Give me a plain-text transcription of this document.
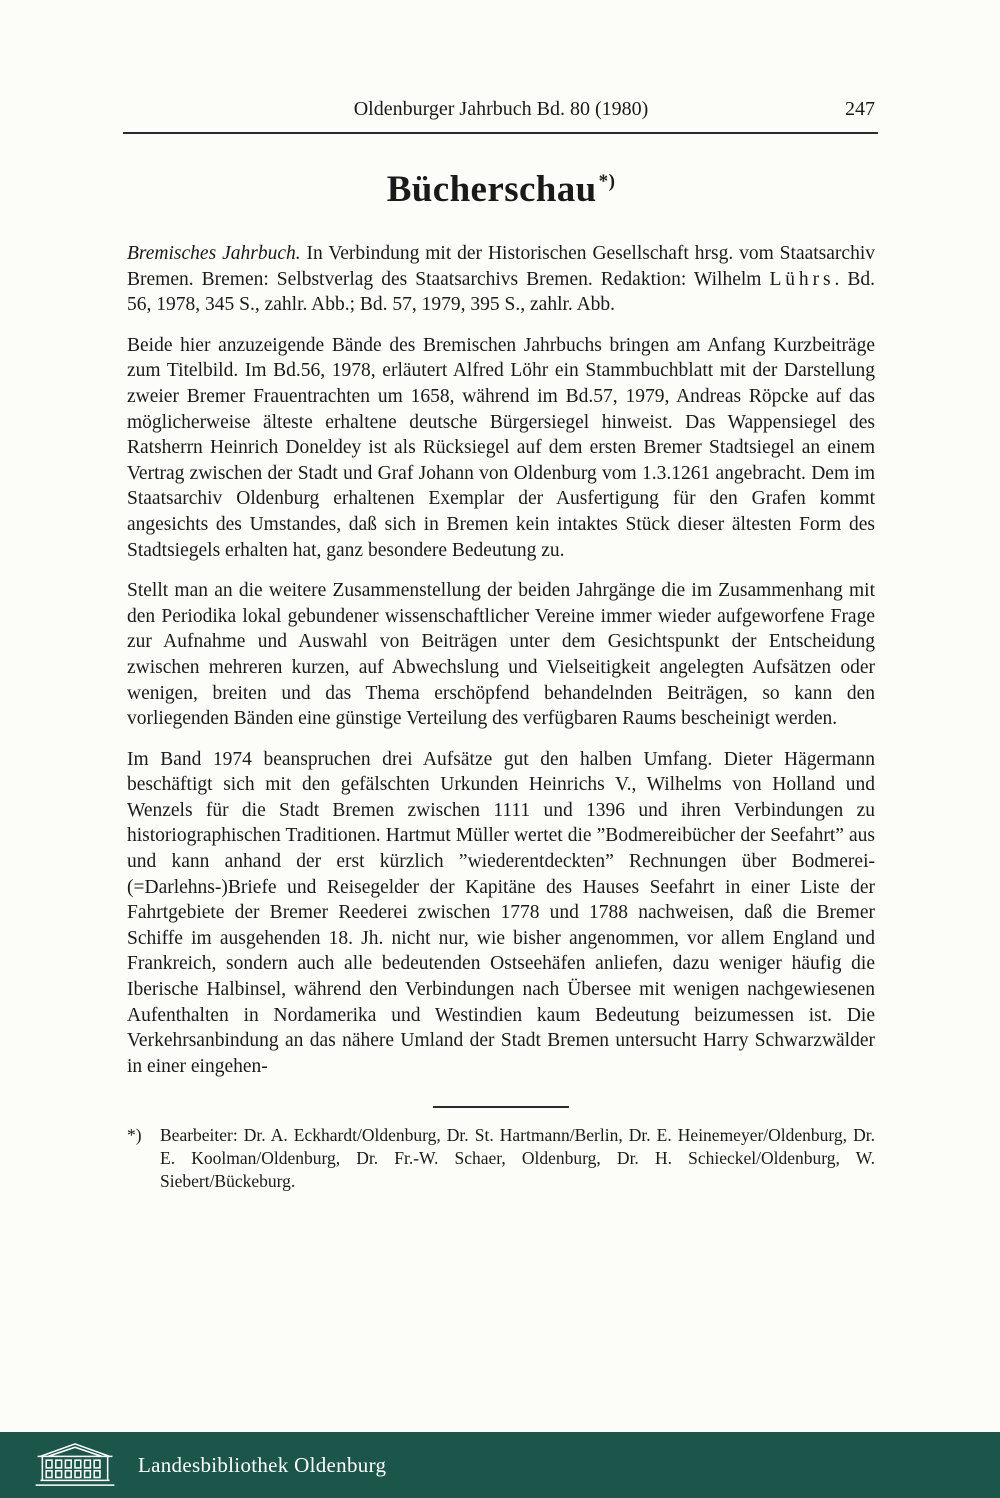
Oldenburger Jahrbuch Bd. 80 (1980)	247
Bücherschau *)

Bremisches Jahrbuch. In Verbindung mit der Historischen Gesellschaft hrsg. vom Staatsarchiv Bremen. Bremen: Selbstverlag des Staatsarchivs Bremen. Redaktion: Wilhelm Lührs. Bd. 56, 1978, 345 S., zahlr. Abb.; Bd. 57, 1979, 395 S., zahlr. Abb.

Beide hier anzuzeigende Bände des Bremischen Jahrbuchs bringen am Anfang Kurzbeiträge zum Titelbild. Im Bd.56, 1978, erläutert Alfred Löhr ein Stammbuchblatt mit der Darstellung zweier Bremer Frauentrachten um 1658, während im Bd.57, 1979, Andreas Röpcke auf das möglicherweise älteste erhaltene deutsche Bürgersiegel hinweist. Das Wappensiegel des Ratsherrn Heinrich Doneldey ist als Rücksiegel auf dem ersten Bremer Stadtsiegel an einem Vertrag zwischen der Stadt und Graf Johann von Oldenburg vom 1.3.1261 angebracht. Dem im Staatsarchiv Oldenburg erhaltenen Exemplar der Ausfertigung für den Grafen kommt angesichts des Umstandes, daß sich in Bremen kein intaktes Stück dieser ältesten Form des Stadtsiegels erhalten hat, ganz besondere Bedeutung zu.

Stellt man an die weitere Zusammenstellung der beiden Jahrgänge die im Zusammenhang mit den Periodika lokal gebundener wissenschaftlicher Vereine immer wieder aufgeworfene Frage zur Aufnahme und Auswahl von Beiträgen unter dem Gesichtspunkt der Entscheidung zwischen mehreren kurzen, auf Abwechslung und Vielseitigkeit angelegten Aufsätzen oder wenigen, breiten und das Thema erschöpfend behandelnden Beiträgen, so kann den vorliegenden Bänden eine günstige Verteilung des verfügbaren Raums bescheinigt werden.

Im Band 1974 beanspruchen drei Aufsätze gut den halben Umfang. Dieter Hägermann beschäftigt sich mit den gefälschten Urkunden Heinrichs V., Wilhelms von Holland und Wenzels für die Stadt Bremen zwischen 1111 und 1396 und ihren Verbindungen zu historiographischen Traditionen. Hartmut Müller wertet die ”Bodmereibücher der Seefahrt” aus und kann anhand der erst kürzlich ”wiederentdeckten” Rechnungen über Bodmerei-(=Darlehns-)Briefe und Reisegelder der Kapitäne des Hauses Seefahrt in einer Liste der Fahrtgebiete der Bremer Reederei zwischen 1778 und 1788 nachweisen, daß die Bremer Schiffe im ausgehenden 18. Jh. nicht nur, wie bisher angenommen, vor allem England und Frankreich, sondern auch alle bedeutenden Ostseehäfen anliefen, dazu weniger häufig die Iberische Halbinsel, während den Verbindungen nach Übersee mit wenigen nachgewiesenen Aufenthalten in Nordamerika und Westindien kaum Bedeutung beizumessen ist. Die Verkehrsanbindung an das nähere Umland der Stadt Bremen untersucht Harry Schwarzwälder in einer eingehen-

*) Bearbeiter: Dr. A. Eckhardt/Oldenburg, Dr. St. Hartmann/Berlin, Dr. E. Heinemeyer/Oldenburg, Dr. E. Koolman/Oldenburg, Dr. Fr.-W. Schaer, Oldenburg, Dr. H. Schieckel/Oldenburg, W. Siebert/Bückeburg.
Landesbibliothek Oldenburg
